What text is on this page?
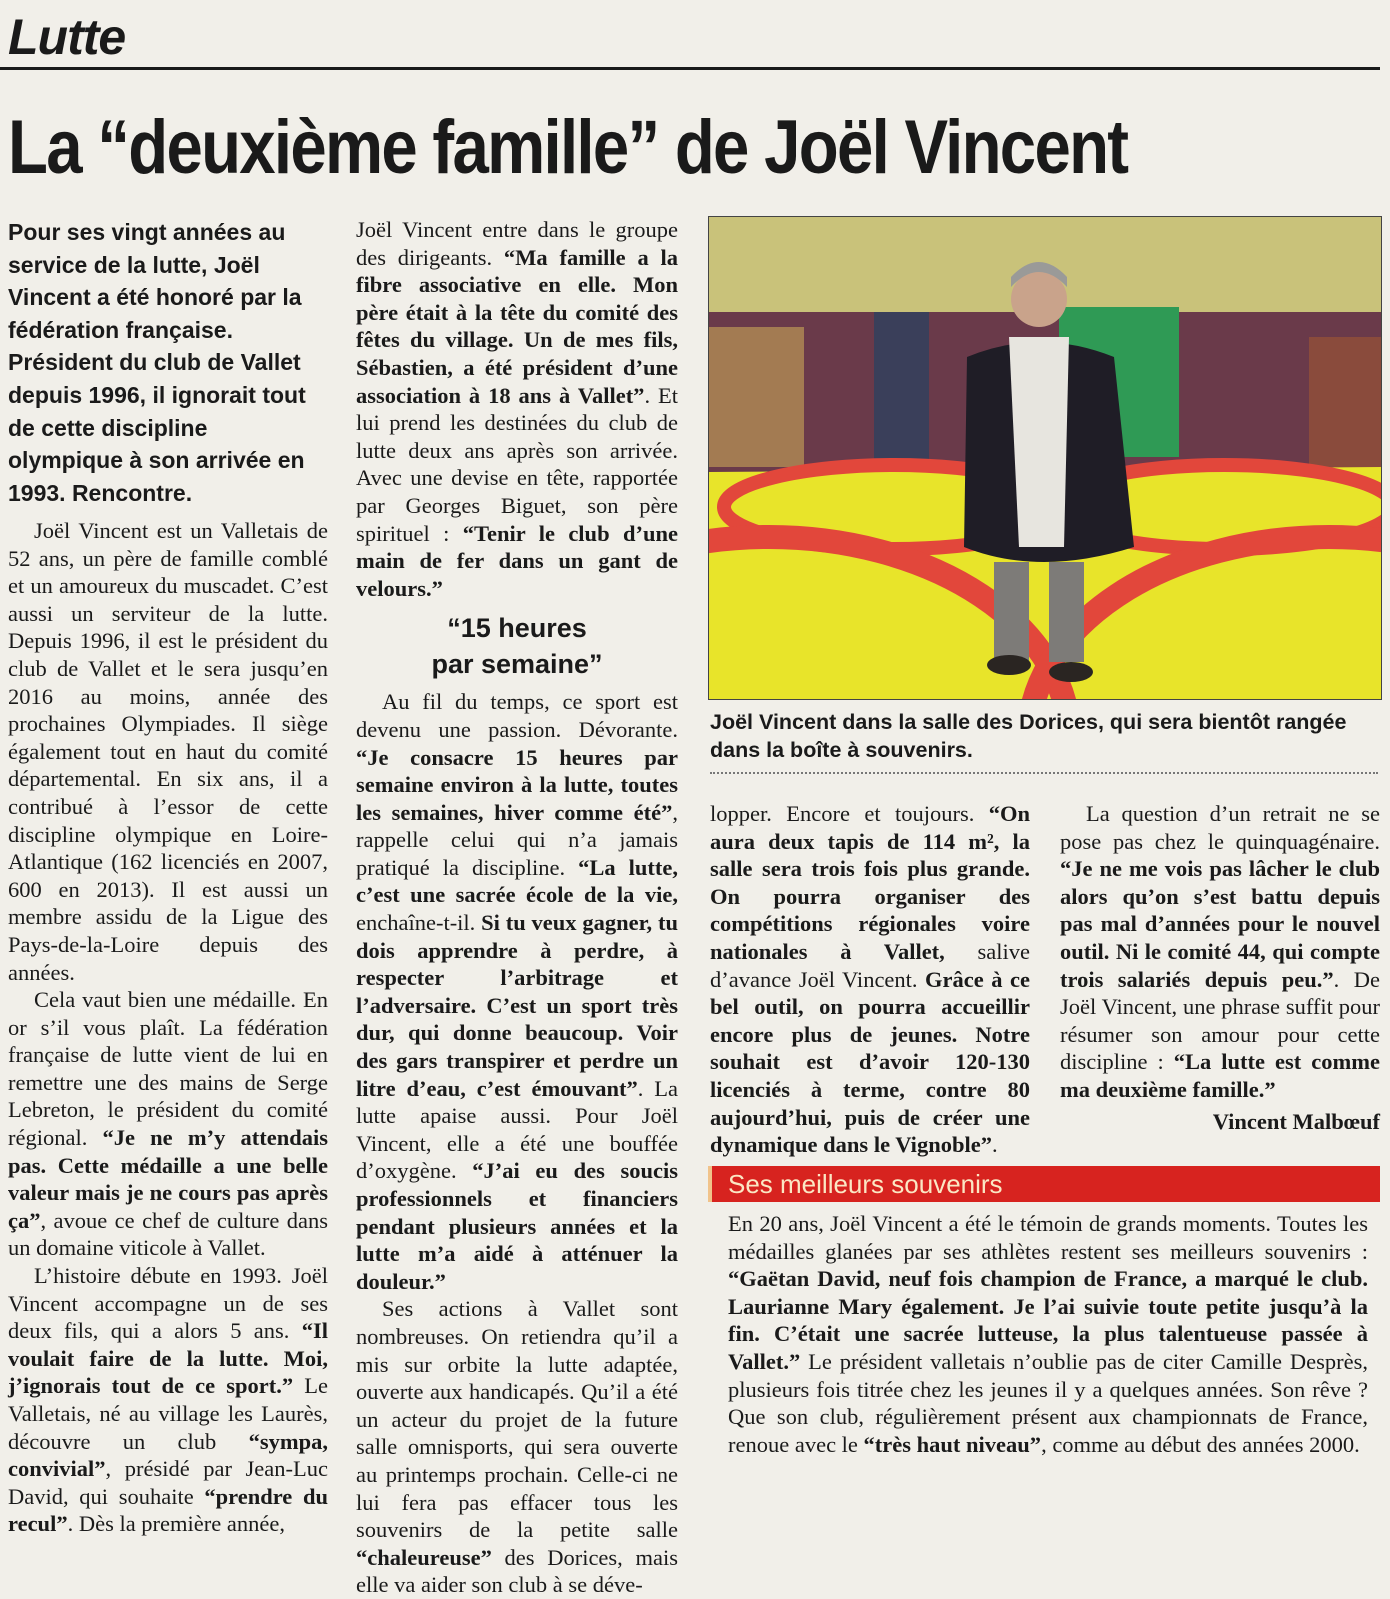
Lutte
La “deuxième famille” de Joël Vincent
Pour ses vingt années au service de la lutte, Joël Vincent a été honoré par la fédération française. Président du club de Vallet depuis 1996, il ignorait tout de cette discipline olympique à son arrivée en 1993. Rencontre.

Joël Vincent est un Valletais de 52 ans, un père de famille comblé et un amoureux du muscadet. C’est aussi un serviteur de la lutte. Depuis 1996, il est le président du club de Vallet et le sera jusqu’en 2016 au moins, année des prochaines Olympiades. Il siège également tout en haut du comité départemental. En six ans, il a contribué à l’essor de cette discipline olympique en Loire-Atlantique (162 licenciés en 2007, 600 en 2013). Il est aussi un membre assidu de la Ligue des Pays-de-la-Loire depuis des années.

Cela vaut bien une médaille. En or s’il vous plaît. La fédération française de lutte vient de lui en remettre une des mains de Serge Lebreton, le président du comité régional. “Je ne m’y attendais pas. Cette médaille a une belle valeur mais je ne cours pas après ça”, avoue ce chef de culture dans un domaine viticole à Vallet.

L’histoire débute en 1993. Joël Vincent accompagne un de ses deux fils, qui a alors 5 ans. “Il voulait faire de la lutte. Moi, j’ignorais tout de ce sport.” Le Valletais, né au village les Laurès, découvre un club “sympa, convivial”, présidé par Jean-Luc David, qui souhaite “prendre du recul”. Dès la première année,

Joël Vincent entre dans le groupe des dirigeants. “Ma famille a la fibre associative en elle. Mon père était à la tête du comité des fêtes du village. Un de mes fils, Sébastien, a été président d’une association à 18 ans à Vallet”. Et lui prend les destinées du club de lutte deux ans après son arrivée. Avec une devise en tête, rapportée par Georges Biguet, son père spirituel : “Tenir le club d’une main de fer dans un gant de velours.”

“15 heures
par semaine”

Au fil du temps, ce sport est devenu une passion. Dévorante. “Je consacre 15 heures par semaine environ à la lutte, toutes les semaines, hiver comme été”, rappelle celui qui n’a jamais pratiqué la discipline. “La lutte, c’est une sacrée école de la vie, enchaîne-t-il. Si tu veux gagner, tu dois apprendre à perdre, à respecter l’arbitrage et l’adversaire. C’est un sport très dur, qui donne beaucoup. Voir des gars transpirer et perdre un litre d’eau, c’est émouvant”. La lutte apaise aussi. Pour Joël Vincent, elle a été une bouffée d’oxygène. “J’ai eu des soucis professionnels et financiers pendant plusieurs années et la lutte m’a aidé à atténuer la douleur.”

Ses actions à Vallet sont nombreuses. On retiendra qu’il a mis sur orbite la lutte adaptée, ouverte aux handicapés. Qu’il a été un acteur du projet de la future salle omnisports, qui sera ouverte au printemps prochain. Celle-ci ne lui fera pas effacer tous les souvenirs de la petite salle “chaleureuse” des Dorices, mais elle va aider son club à se déve-

Joël Vincent dans la salle des Dorices, qui sera bientôt rangée dans la boîte à souvenirs.

lopper. Encore et toujours. “On aura deux tapis de 114 m², la salle sera trois fois plus grande. On pourra organiser des compétitions régionales voire nationales à Vallet, salive d’avance Joël Vincent. Grâce à ce bel outil, on pourra accueillir encore plus de jeunes. Notre souhait est d’avoir 120-130 licenciés à terme, contre 80 aujourd’hui, puis de créer une dynamique dans le Vignoble”.

La question d’un retrait ne se pose pas chez le quinquagénaire. “Je ne me vois pas lâcher le club alors qu’on s’est battu depuis pas mal d’années pour le nouvel outil. Ni le comité 44, qui compte trois salariés depuis peu.”. De Joël Vincent, une phrase suffit pour résumer son amour pour cette discipline : “La lutte est comme ma deuxième famille.”

Vincent Malbœuf
Ses meilleurs souvenirs

En 20 ans, Joël Vincent a été le témoin de grands moments. Toutes les médailles glanées par ses athlètes restent ses meilleurs souvenirs : “Gaëtan David, neuf fois champion de France, a marqué le club. Laurianne Mary également. Je l’ai suivie toute petite jusqu’à la fin. C’était une sacrée lutteuse, la plus talentueuse passée à Vallet.” Le président valletais n’oublie pas de citer Camille Desprès, plusieurs fois titrée chez les jeunes il y a quelques années. Son rêve ? Que son club, régulièrement présent aux championnats de France, renoue avec le “très haut niveau”, comme au début des années 2000.
